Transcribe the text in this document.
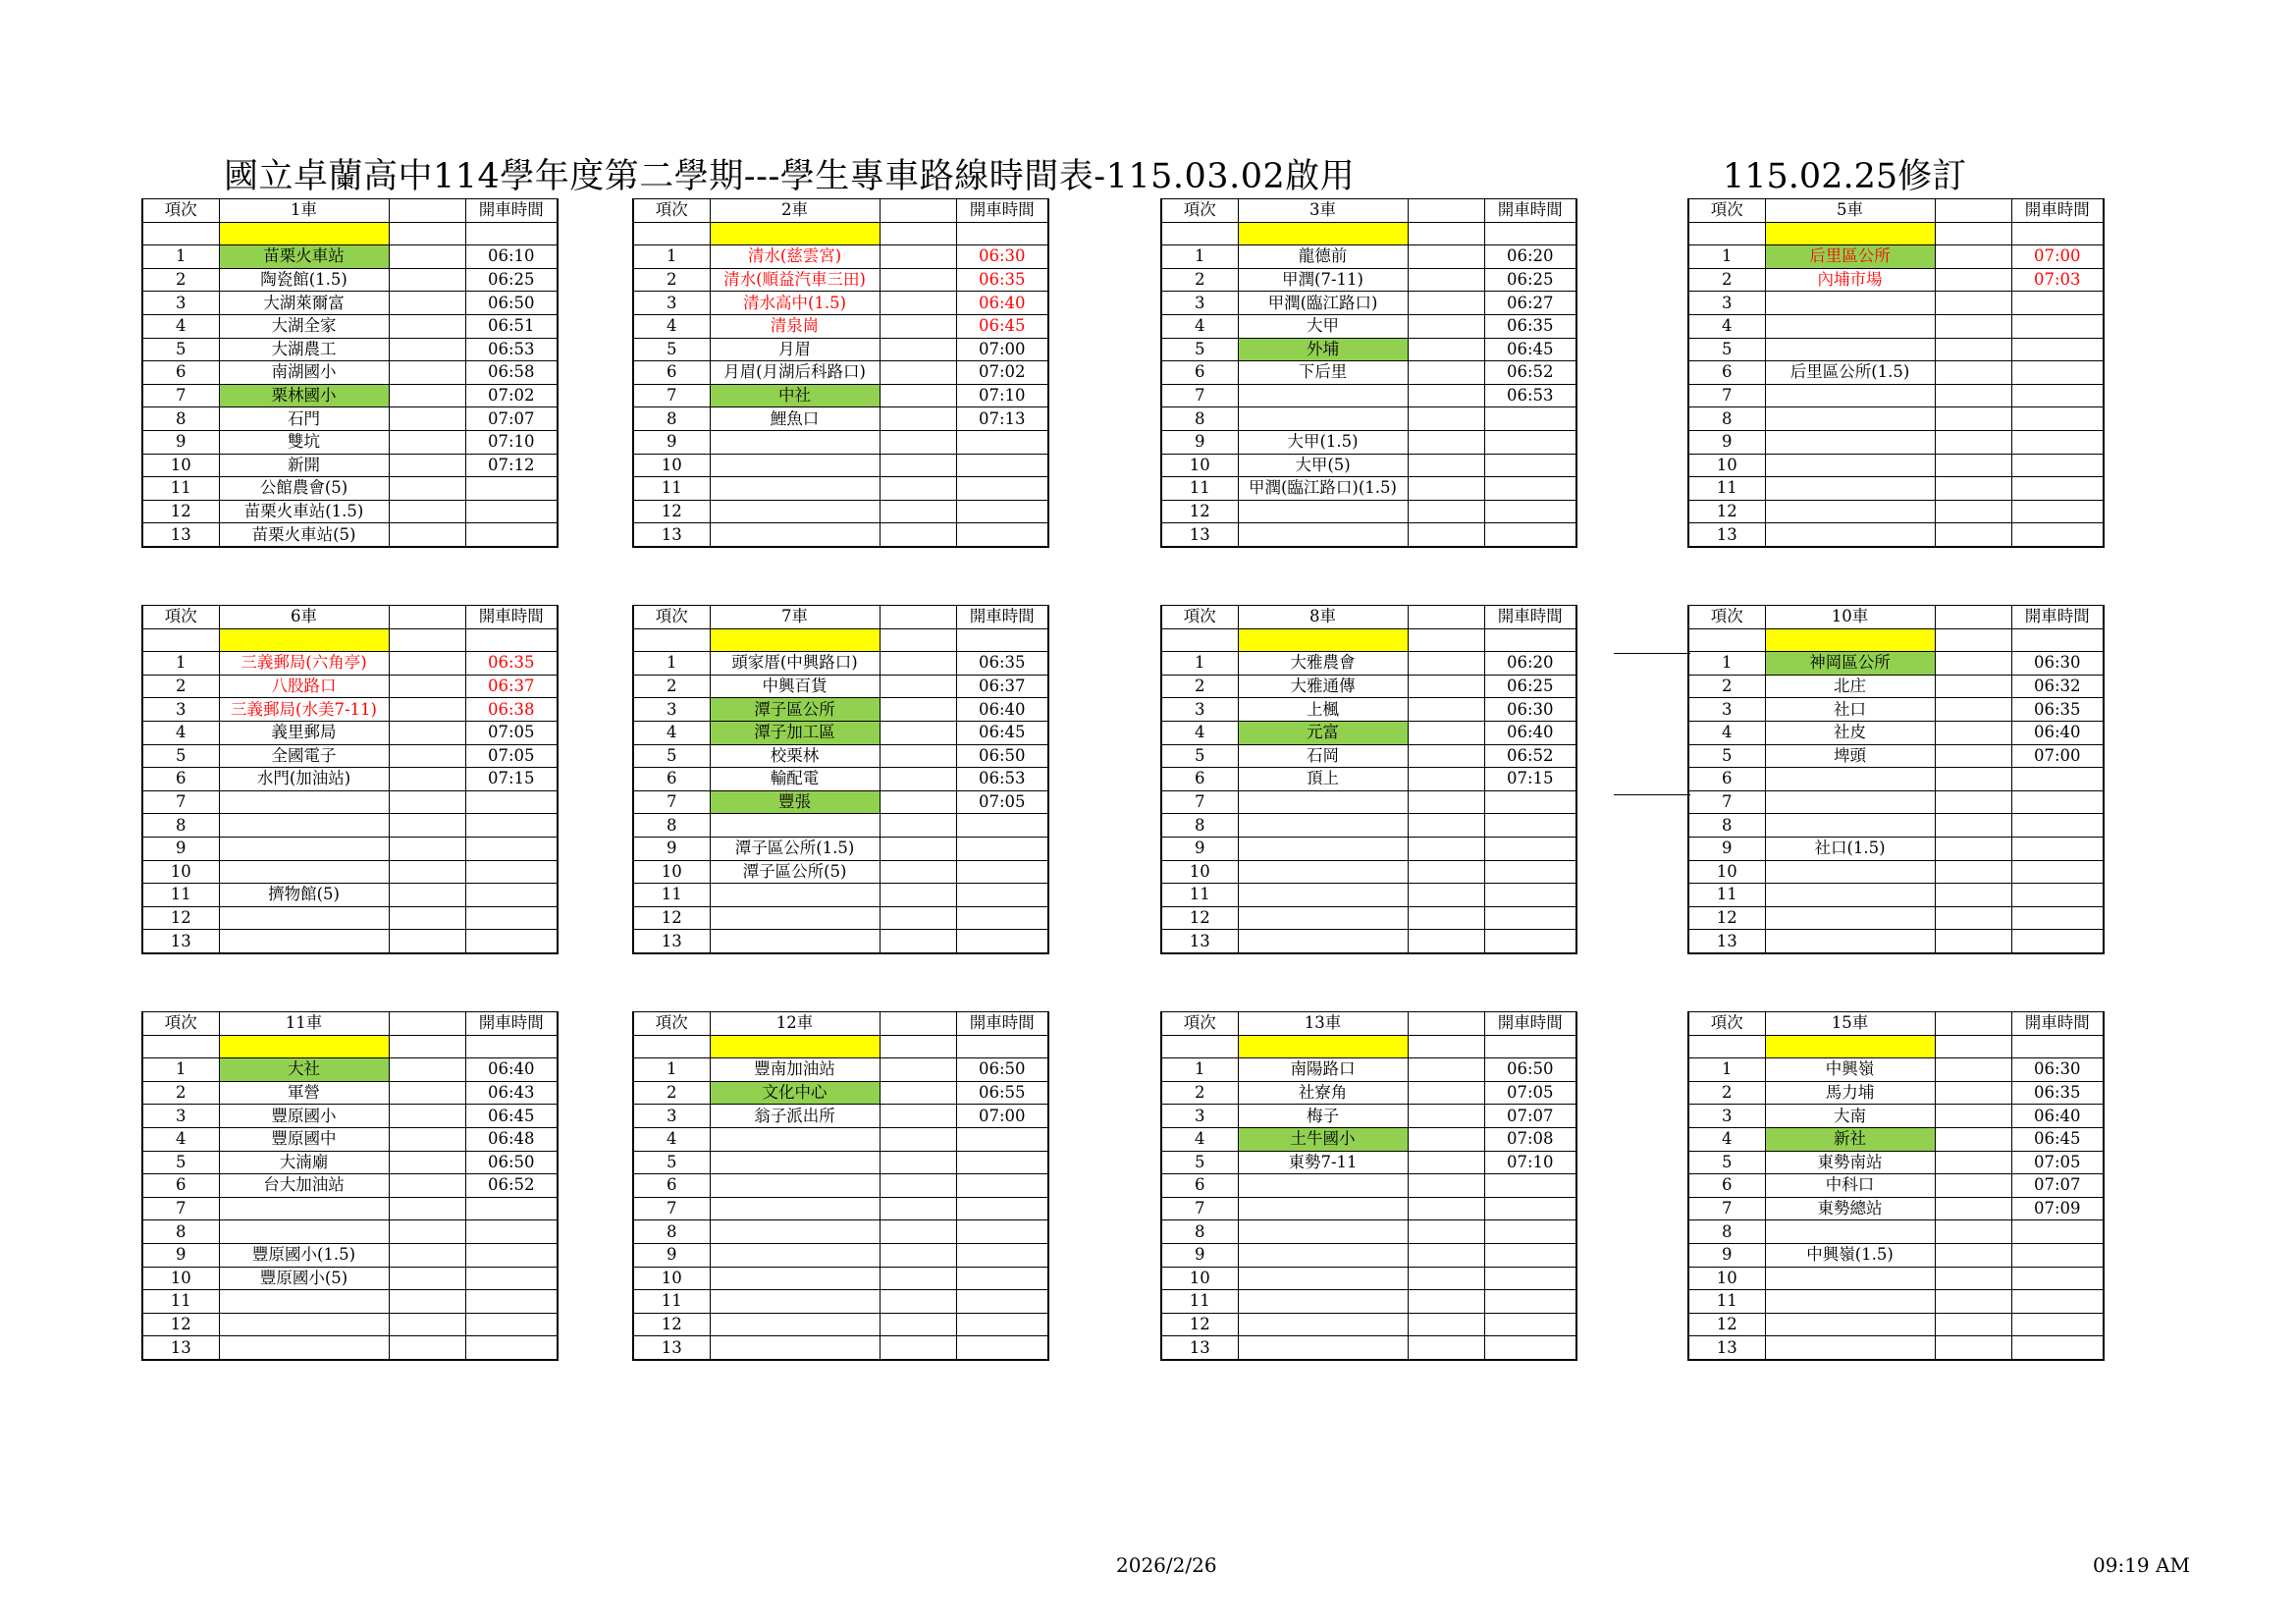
國立卓蘭高中114學年度第二學期---學生專車路線時間表-115.03.02啟用	115.02.25修訂
項次	1車		開車時間

1	苗栗火車站		06:10
2	陶瓷館(1.5)		06:25
3	大湖萊爾富		06:50
4	大湖全家		06:51
5	大湖農工		06:53
6	南湖國小		06:58
7	栗林國小		07:02
8	石門		07:07
9	雙坑		07:10
10	新開		07:12
11	公館農會(5)		
12	苗栗火車站(1.5)		
13	苗栗火車站(5)		
項次	2車		開車時間

1	清水(慈雲宮)		06:30
2	清水(順益汽車三田)		06:35
3	清水高中(1.5)		06:40
4	清泉崗		06:45
5	月眉		07:00
6	月眉(月湖后科路口)		07:02
7	中社		07:10
8	鯉魚口		07:13
9			
10			
11			
12			
13			
項次	3車		開車時間

1	龍德前		06:20
2	甲潤(7-11)		06:25
3	甲潤(臨江路口)		06:27
4	大甲		06:35
5	外埔		06:45
6	下后里		06:52
7			06:53
8			
9	大甲(1.5)		
10	大甲(5)		
11	甲潤(臨江路口)(1.5)		
12			
13			
項次	5車		開車時間

1	后里區公所		07:00
2	內埔市場		07:03
3			
4			
5			
6	后里區公所(1.5)		
7			
8			
9			
10			
11			
12			
13			
項次	6車		開車時間

1	三義郵局(六角亭)		06:35
2	八股路口		06:37
3	三義郵局(水美7-11)		06:38
4	義里郵局		07:05
5	全國電子		07:05
6	水門(加油站)		07:15
7			
8			
9			
10			
11	擠物館(5)		
12			
13			
項次	7車		開車時間

1	頭家厝(中興路口)		06:35
2	中興百貨		06:37
3	潭子區公所		06:40
4	潭子加工區		06:45
5	校栗林		06:50
6	輸配電		06:53
7	豐張		07:05
8			
9	潭子區公所(1.5)		
10	潭子區公所(5)		
11			
12			
13			
項次	8車		開車時間

1	大雅農會		06:20
2	大雅通傳		06:25
3	上楓		06:30
4	元富		06:40
5	石岡		06:52
6	頂上		07:15
7			
8			
9			
10			
11			
12			
13			
項次	10車		開車時間

1	神岡區公所		06:30
2	北庄		06:32
3	社口		06:35
4	社皮		06:40
5	埤頭		07:00
6			
7			
8			
9	社口(1.5)		
10			
11			
12			
13			
項次	11車		開車時間

1	大社		06:40
2	軍營		06:43
3	豐原國小		06:45
4	豐原國中		06:48
5	大湳廟		06:50
6	台大加油站		06:52
7			
8			
9	豐原國小(1.5)		
10	豐原國小(5)		
11			
12			
13			
項次	12車		開車時間

1	豐南加油站		06:50
2	文化中心		06:55
3	翁子派出所		07:00
4			
5			
6			
7			
8			
9			
10			
11			
12			
13			
項次	13車		開車時間

1	南陽路口		06:50
2	社寮角		07:05
3	梅子		07:07
4	土牛國小		07:08
5	東勢7-11		07:10
6			
7			
8			
9			
10			
11			
12			
13			
項次	15車		開車時間

1	中興嶺		06:30
2	馬力埔		06:35
3	大南		06:40
4	新社		06:45
5	東勢南站		07:05
6	中科口		07:07
7	東勢總站		07:09
8			
9	中興嶺(1.5)		
10			
11			
12			
13			
2026/2/26	09:19 AM
